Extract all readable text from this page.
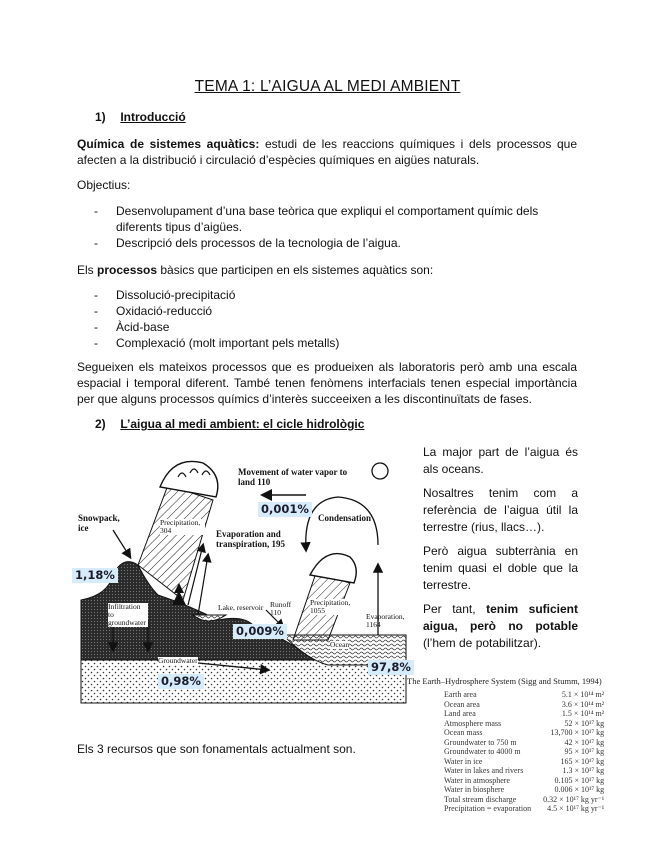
TEMA 1: L’AIGUA AL MEDI AMBIENT
1) Introducció
Química de sistemes aquàtics: estudi de les reaccions químiques i dels processos que afecten a la distribució i circulació d’espècies químiques en aigües naturals.
Objectius:
- Desenvolupament d’una base teòrica que expliqui el comportament químic dels diferents tipus d’aigües.
- Descripció dels processos de la tecnologia de l’aigua.
Els processos bàsics que participen en els sistemes aquàtics son:
- Dissolució-precipitació
- Oxidació-reducció
- Àcid-base
- Complexació (molt important pels metalls)
Segueixen els mateixos processos que es produeixen als laboratoris però amb una escala espacial i temporal diferent. També tenen fenòmens interfacials tenen especial importància per que alguns processos químics d’interès succeeixen a les discontinuïtats de fases.
2) L’aigua al medi ambient: el cicle hidrològic
Movement of water vapor to land 110
Condensation
Snowpack, ice
Precipitation, 304	Evaporation and transpiration, 195
Infiltration to groundwater
Lake, reservoir Runoff 110
Precipitation, 1055
Evaporation, 1164
Ocean
Groundwater
0,001%
1,18%
0,009%
0,98%
97,8%

La major part de l’aigua és als oceans.

Nosaltres tenim com a referència de l’aigua útil la terrestre (rius, llacs…).

Però aigua subterrània en tenim quasi el doble que la terrestre.

Per tant, tenim suficient aigua, però no potable (l’hem de potabilitzar).

The Earth–Hydrosphere System (Sigg and Stumm, 1994)
Earth area	5.1 × 10¹⁴ m²
Ocean area	3.6 × 10¹⁴ m²
Land area	1.5 × 10¹⁴ m²
Atmosphere mass	52 × 10¹⁷ kg
Ocean mass	13,700 × 10¹⁷ kg
Groundwater to 750 m	42 × 10¹⁷ kg
Groundwater to 4000 m	95 × 10¹⁷ kg
Water in ice	165 × 10¹⁷ kg
Water in lakes and rivers	1.3 × 10¹⁷ kg
Water in atmosphere	0.105 × 10¹⁷ kg
Water in biosphere	0.006 × 10¹⁷ kg
Total stream discharge	0.32 × 10¹⁷ kg yr⁻¹
Precipitation = evaporation	4.5 × 10¹⁷ kg yr⁻¹
Els 3 recursos que son fonamentals actualment son.
